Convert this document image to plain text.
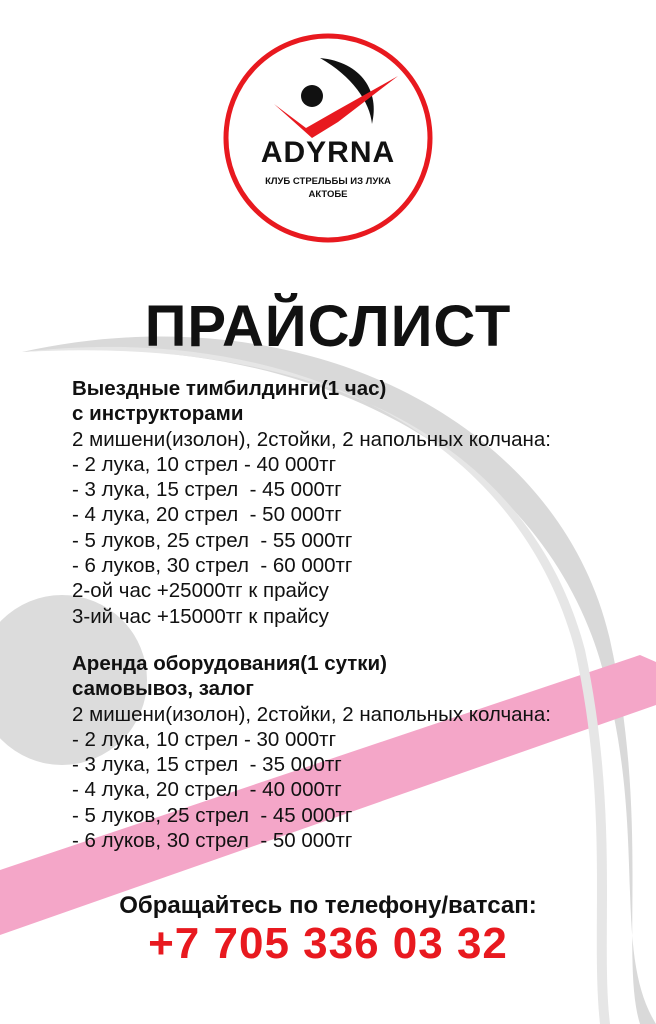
ADYRNA
КЛУБ СТРЕЛЬБЫ ИЗ ЛУКА
АКТОБЕ
ПРАЙСЛИСТ
Выездные тимбилдинги(1 час)
с инструкторами
2 мишени(изолон), 2стойки, 2 напольных колчана:
- 2 лука, 10 стрел - 40 000тг
- 3 лука, 15 стрел  - 45 000тг
- 4 лука, 20 стрел  - 50 000тг
- 5 луков, 25 стрел  - 55 000тг
- 6 луков, 30 стрел  - 60 000тг
2-ой час +25000тг к прайсу
3-ий час +15000тг к прайсу
Аренда оборудования(1 сутки)
самовывоз, залог
2 мишени(изолон), 2стойки, 2 напольных колчана:
- 2 лука, 10 стрел - 30 000тг
- 3 лука, 15 стрел  - 35 000тг
- 4 лука, 20 стрел  - 40 000тг
- 5 луков, 25 стрел  - 45 000тг
- 6 луков, 30 стрел  - 50 000тг
Обращайтесь по телефону/ватсап:
+7 705 336 03 32
